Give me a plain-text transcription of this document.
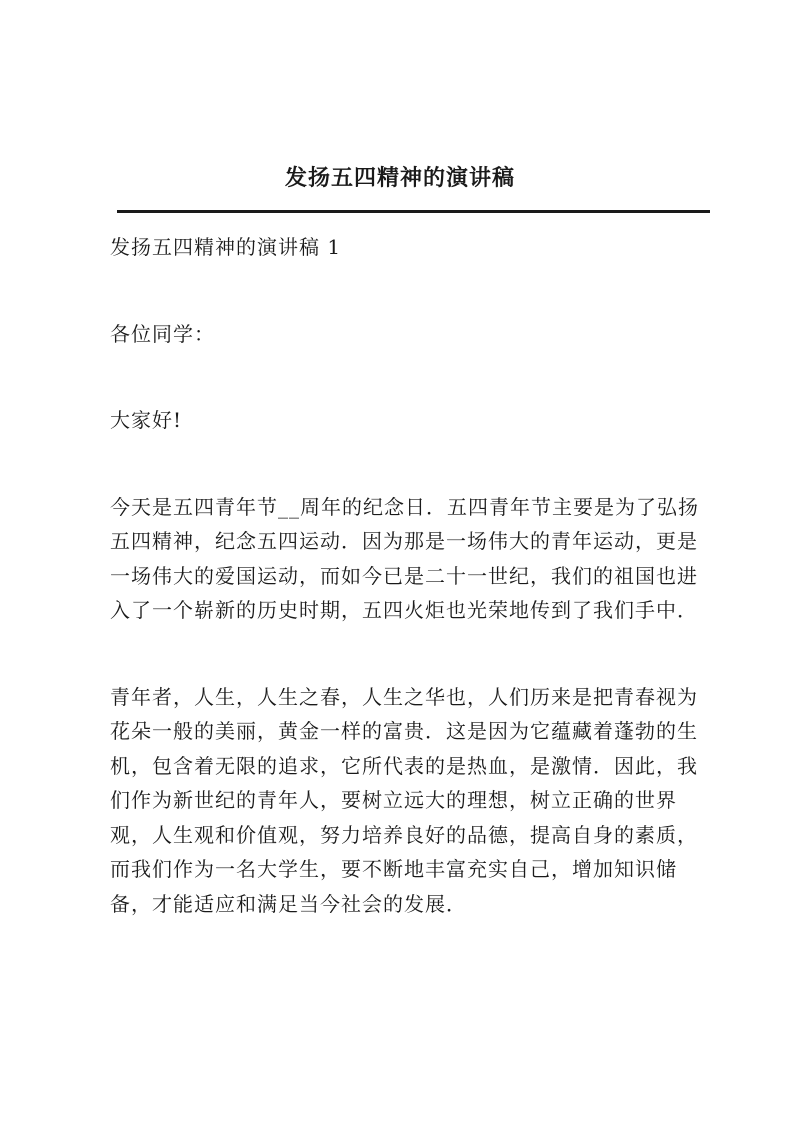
发扬五四精神的演讲稿
发扬五四精神的演讲稿 1
各位同学：
大家好!
今天是五四青年节__周年的纪念日．五四青年节主要是为了弘扬
五四精神，纪念五四运动．因为那是一场伟大的青年运动，更是
一场伟大的爱国运动，而如今已是二十一世纪，我们的祖国也进
入了一个崭新的历史时期，五四火炬也光荣地传到了我们手中．
青年者，人生，人生之春，人生之华也，人们历来是把青春视为
花朵一般的美丽，黄金一样的富贵．这是因为它蕴藏着蓬勃的生
机，包含着无限的追求，它所代表的是热血，是激情．因此，我
们作为新世纪的青年人，要树立远大的理想，树立正确的世界
观，人生观和价值观，努力培养良好的品德，提高自身的素质，
而我们作为一名大学生，要不断地丰富充实自己，增加知识储
备，才能适应和满足当今社会的发展．
